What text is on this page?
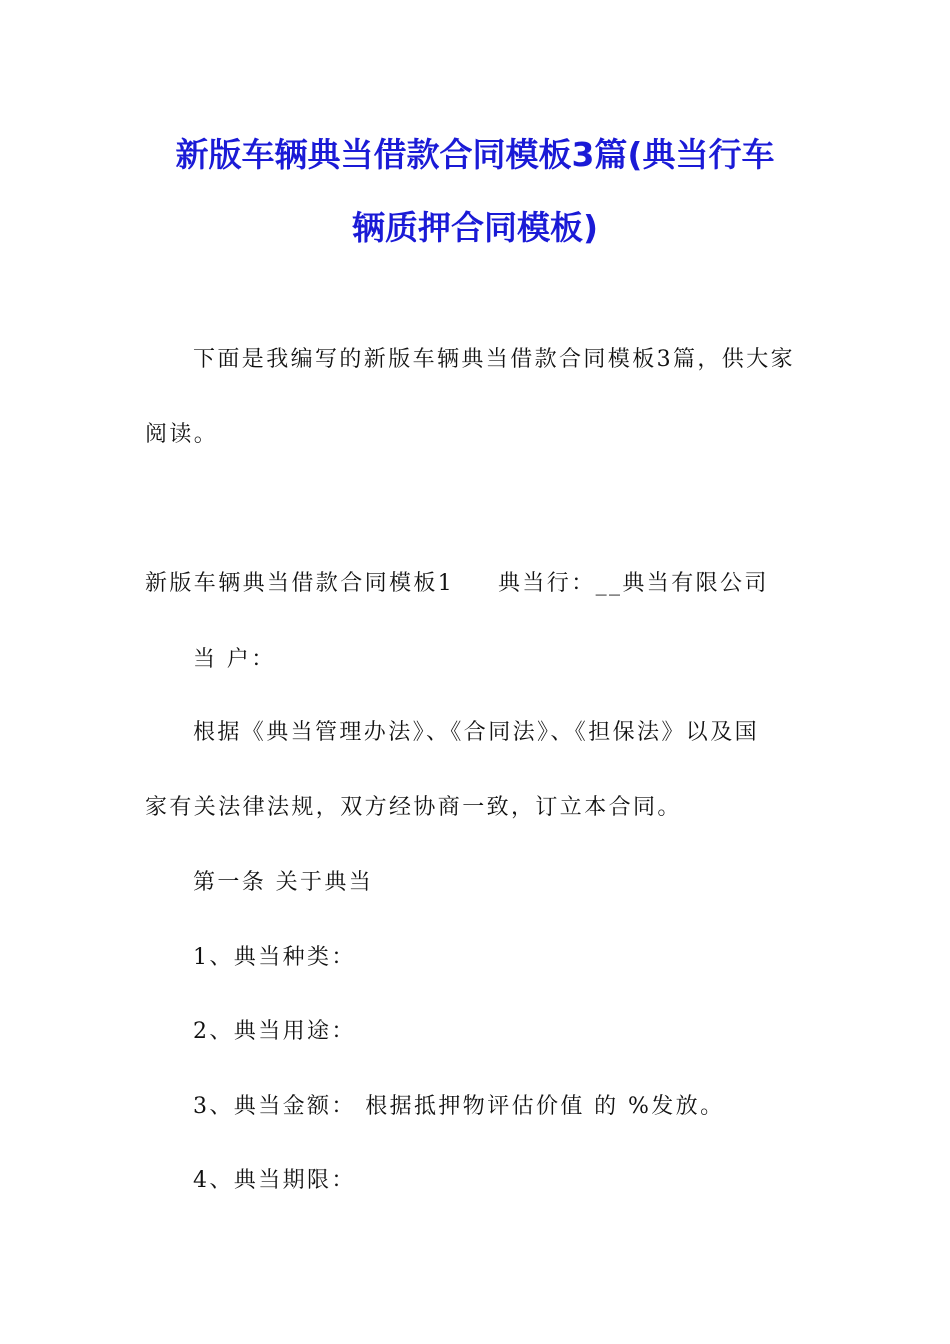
新版车辆典当借款合同模板3篇(典当行车
辆质押合同模板)
下面是我编写的新版车辆典当借款合同模板3篇，供大家
阅读。
新版车辆典当借款合同模板1 典当行：__典当有限公司
当 户：
根据《典当管理办法》、《合同法》、《担保法》以及国
家有关法律法规，双方经协商一致，订立本合同。
第一条 关于典当
1、典当种类：
2、典当用途：
3、典当金额： 根据抵押物评估价值 的 %发放。
4、典当期限：
